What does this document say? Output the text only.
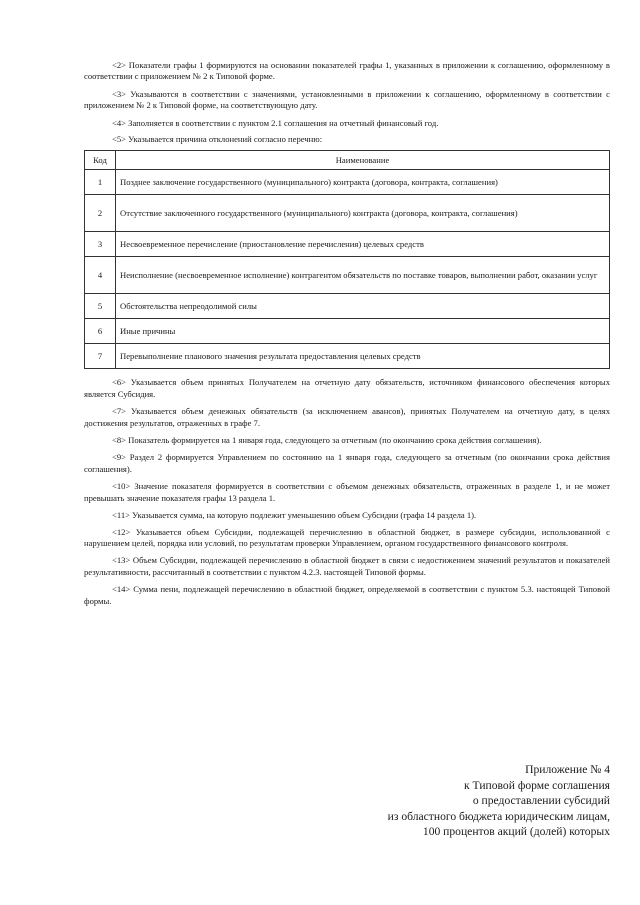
<2> Показатели графы 1 формируются на основании показателей графы 1, указанных в приложении к соглашению, оформленному в соответствии с приложением № 2 к Типовой форме.

<3> Указываются в соответствии с значениями, установленными в приложении к соглашению, оформленному в соответствии с приложением № 2 к Типовой форме, на соответствующую дату.

<4> Заполняется в соответствии с пунктом 2.1 соглашения на отчетный финансовый год.

<5> Указывается причина отклонений согласно перечню:

Код	Наименование
1	Позднее заключение государственного (муниципального) контракта (договора, контракта, соглашения)
2	Отсутствие заключенного государственного (муниципального) контракта (договора, контракта, соглашения)
3	Несвоевременное перечисление (приостановление перечисления) целевых средств
4	Неисполнение (несвоевременное исполнение) контрагентом обязательств по поставке товаров, выполнении работ, оказании услуг
5	Обстоятельства непреодолимой силы
6	Иные причины
7	Перевыполнение планового значения результата предоставления целевых средств

<6> Указывается объем принятых Получателем на отчетную дату обязательств, источником финансового обеспечения которых является Субсидия.

<7> Указывается объем денежных обязательств (за исключением авансов), принятых Получателем на отчетную дату, в целях достижения результатов, отраженных в графе 7.

<8> Показатель формируется на 1 января года, следующего за отчетным (по окончанию срока действия соглашения).

<9> Раздел 2 формируется Управлением по состоянию на 1 января года, следующего за отчетным (по окончании срока действия соглашения).

<10> Значение показателя формируется в соответствии с объемом денежных обязательств, отраженных в разделе 1, и не может превышать значение показателя графы 13 раздела 1.

<11> Указывается сумма, на которую подлежит уменьшению объем Субсидии (графа 14 раздела 1).

<12> Указывается объем Субсидии, подлежащей перечислению в областной бюджет, в размере субсидии, использованной с нарушением целей, порядка или условий, по результатам проверки Управлением, органом государственного финансового контроля.

<13> Объем Субсидии, подлежащей перечислению в областной бюджет в связи с недостижением значений результатов и показателей результативности, рассчитанный в соответствии с пунктом 4.2.3. настоящей Типовой формы.

<14> Сумма пени, подлежащей перечислению в областной бюджет, определяемой в соответствии с пунктом 5.3. настоящей Типовой формы.

Приложение № 4
к Типовой форме соглашения
о предоставлении субсидий
из областного бюджета юридическим лицам,
100 процентов акций (долей) которых
